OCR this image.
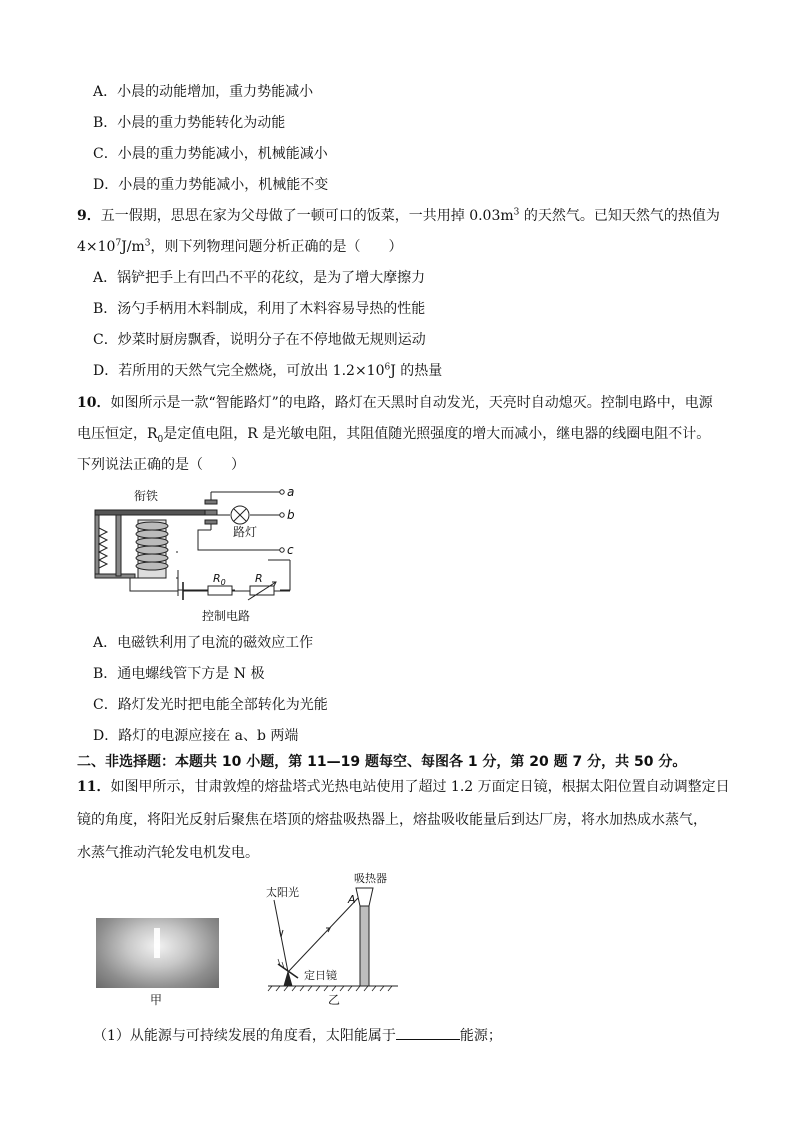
A．小晨的动能增加，重力势能减小
B．小晨的重力势能转化为动能
C．小晨的重力势能减小，机械能减小
D．小晨的重力势能减小，机械能不变
9．五一假期，思思在家为父母做了一顿可口的饭菜，一共用掉 $0.03m^3$ 的天然气。已知天然气的热值为
$4\times 10^7J/m^3$，则下列物理问题分析正确的是（　　）
A．锅铲把手上有凹凸不平的花纹，是为了增大摩擦力
B．汤勺手柄用木料制成，利用了木料容易导热的性能
C．炒菜时厨房飘香，说明分子在不停地做无规则运动
D．若所用的天然气完全燃烧，可放出 $1.2\times 10^6J$ 的热量
10．如图所示是一款“智能路灯”的电路，路灯在天黑时自动发光，天亮时自动熄灭。控制电路中，电源
电压恒定，$R_0$是定值电阻，R 是光敏电阻，其阻值随光照强度的增大而减小，继电器的线圈电阻不计。
下列说法正确的是（　　）
衔铁
路灯
a
b
c
$R_0$	R
控制电路
A．电磁铁利用了电流的磁效应工作
B．通电螺线管下方是 N 极
C．路灯发光时把电能全部转化为光能
D．路灯的电源应接在 a、b 两端
二、非选择题：本题共 10 小题，第 11—19 题每空、每图各 1 分，第 20 题 7 分，共 50 分。
11．如图甲所示，甘肃敦煌的熔盐塔式光热电站使用了超过 1.2 万面定日镜，根据太阳位置自动调整定日
镜的角度，将阳光反射后聚焦在塔顶的熔盐吸热器上，熔盐吸收能量后到达厂房，将水加热成水蒸气，
水蒸气推动汽轮发电机发电。
甲
吸热器
太阳光
A
定日镜
乙
（1）从能源与可持续发展的角度看，太阳能属于	能源；
